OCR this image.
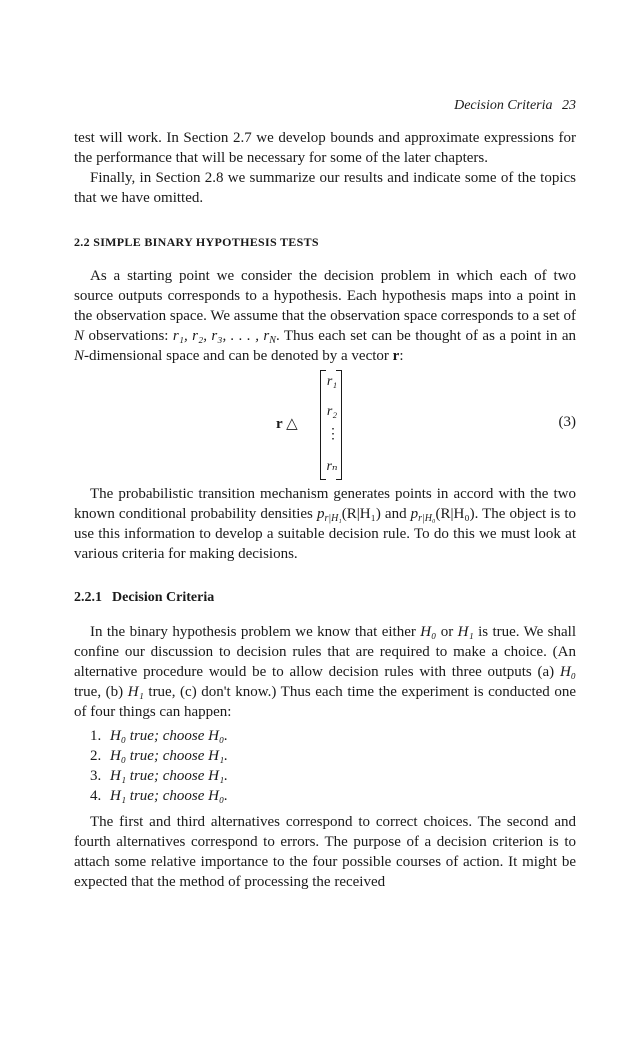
Decision Criteria 23

test will work. In Section 2.7 we develop bounds and approximate expressions for the performance that will be necessary for some of the later chapters.

Finally, in Section 2.8 we summarize our results and indicate some of the topics that we have omitted.

2.2 SIMPLE BINARY HYPOTHESIS TESTS

As a starting point we consider the decision problem in which each of two source outputs corresponds to a hypothesis. Each hypothesis maps into a point in the observation space. We assume that the observation space corresponds to a set of N observations: r₁, r₂, r₃, . . . , $r_N$. Thus each set can be thought of as a point in an N-dimensional space and can be denoted by a vector r:

r △
r₁
r₂
⋮
rₙ
(3)

The probabilistic transition mechanism generates points in accord with the two known conditional probability densities $p_{r|H_1}(R|H_1)$ and $p_{r|H_0}(R|H_0)$. The object is to use this information to develop a suitable decision rule. To do this we must look at various criteria for making decisions.

2.2.1 Decision Criteria

In the binary hypothesis problem we know that either H₀ or H₁ is true. We shall confine our discussion to decision rules that are required to make a choice. (An alternative procedure would be to allow decision rules with three outputs (a) H₀ true, (b) H₁ true, (c) don't know.) Thus each time the experiment is conducted one of four things can happen:

1. H₀ true; choose H₀.
2. H₀ true; choose H₁.
3. H₁ true; choose H₁.
4. H₁ true; choose H₀.

The first and third alternatives correspond to correct choices. The second and fourth alternatives correspond to errors. The purpose of a decision criterion is to attach some relative importance to the four possible courses of action. It might be expected that the method of processing the received
